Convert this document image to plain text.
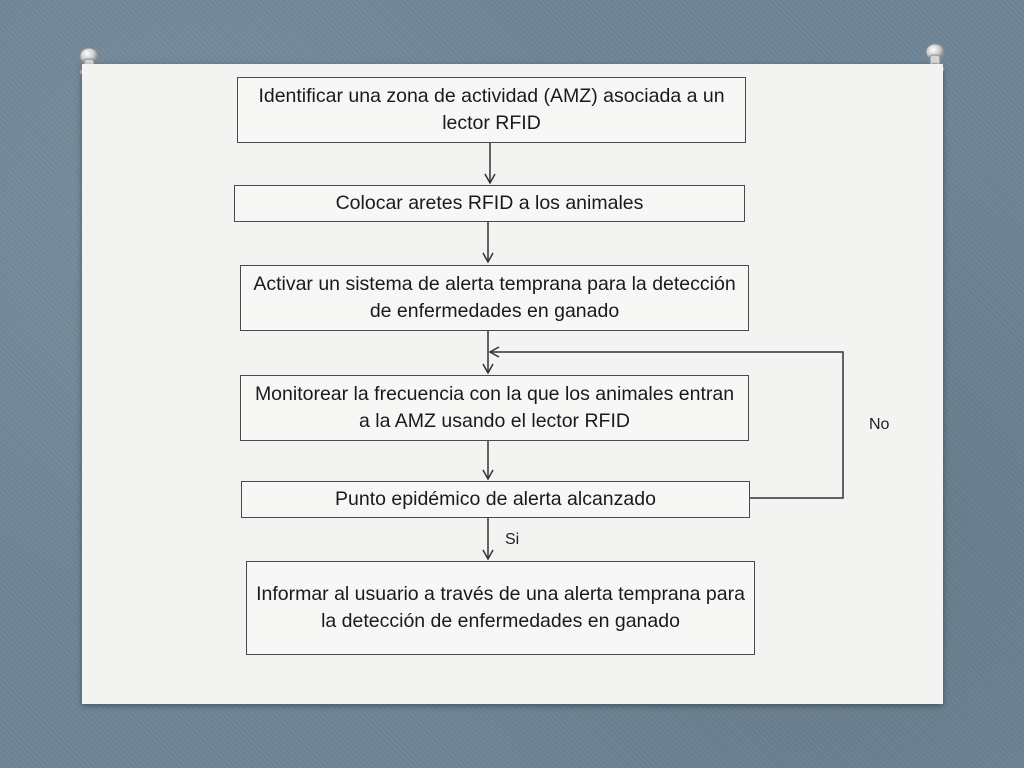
Identificar una zona de actividad (AMZ) asociada a un lector RFID
Colocar aretes RFID a los animales
Activar un sistema de alerta temprana para la detección de enfermedades en ganado
Monitorear la frecuencia con la que los animales entran a la AMZ usando el lector RFID
Punto epidémico de alerta alcanzado
Informar al usuario a través de una alerta temprana para la detección de enfermedades en ganado
No
Si
